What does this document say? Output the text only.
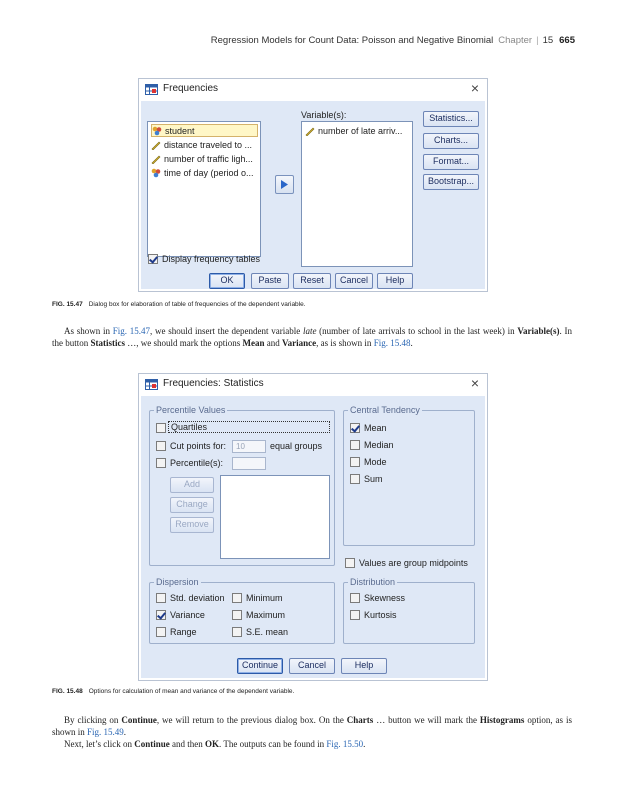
Regression Models for Count Data: Poisson and Negative Binomial Chapter | 15 665
Frequencies	×
student
distance traveled to ...
number of traffic ligh...
time of day (period o...
Variable(s):
number of late arriv...
Statistics...
Charts...
Format...
Bootstrap...
Display frequency tables
OK	Paste	Reset	Cancel	Help
FIG. 15.47 Dialog box for elaboration of table of frequencies of the dependent variable.

As shown in Fig. 15.47, we should insert the dependent variable late (number of late arrivals to school in the last week) in Variable(s). In the button Statistics …, we should mark the options Mean and Variance, as is shown in Fig. 15.48.

Frequencies: Statistics	×
Percentile Values
Quartiles
Cut points for:	10	equal groups
Percentile(s):
Add
Change
Remove
Central Tendency
Mean
Median
Mode
Sum
Values are group midpoints
Dispersion
Std. deviation Minimum
Variance	Maximum
Range	S.E. mean
Distribution
Skewness
Kurtosis
Continue	Cancel	Help
FIG. 15.48 Options for calculation of mean and variance of the dependent variable.

By clicking on Continue, we will return to the previous dialog box. On the Charts … button we will mark the Histograms option, as is shown in Fig. 15.49.

Next, let’s click on Continue and then OK. The outputs can be found in Fig. 15.50.
